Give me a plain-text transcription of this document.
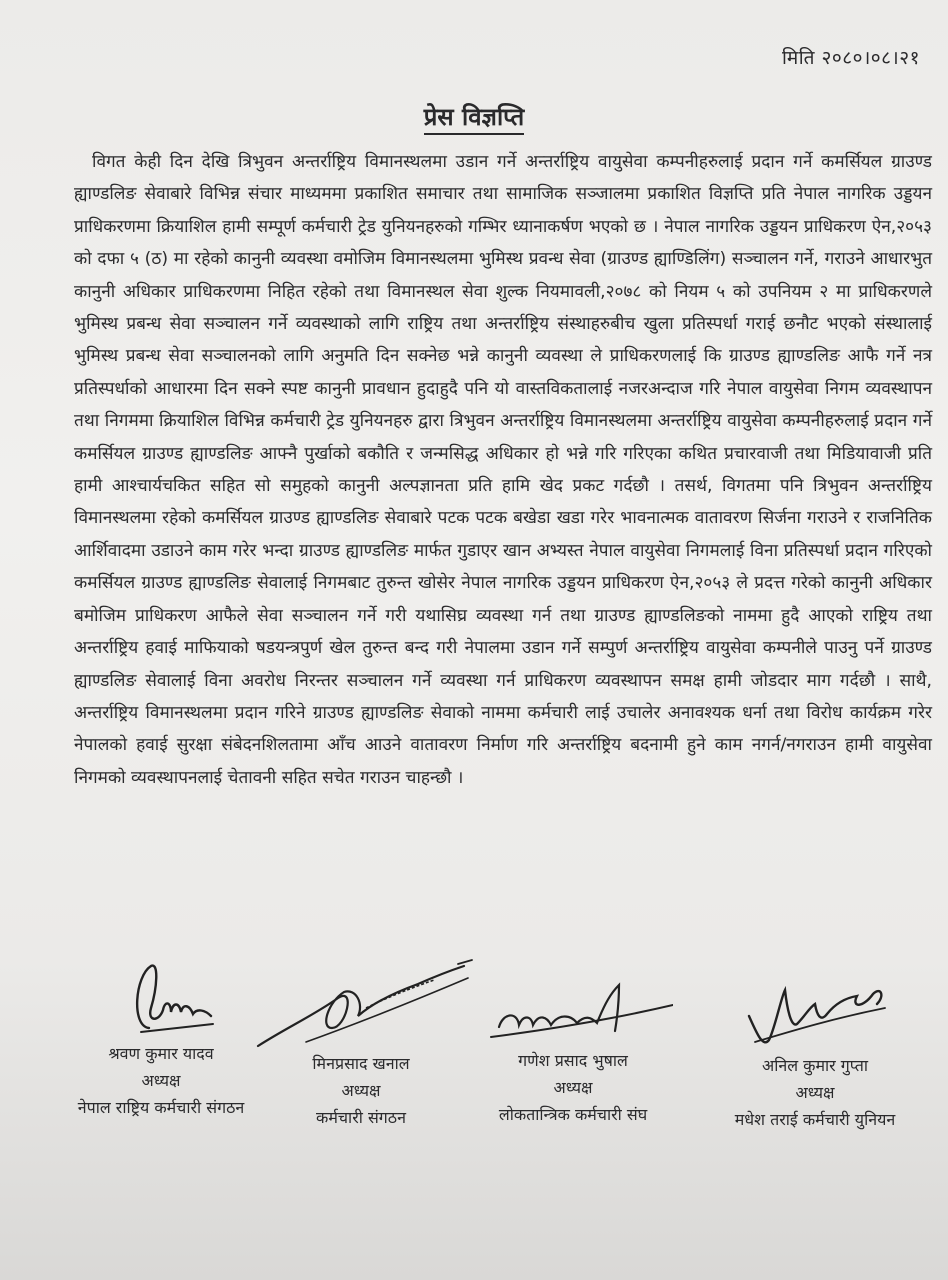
मिति २०८०।०८।२१
प्रेस विज्ञप्ति

विगत केही दिन देखि त्रिभुवन अन्तर्राष्ट्रिय विमानस्थलमा उडान गर्ने अन्तर्राष्ट्रिय वायुसेवा कम्पनीहरुलाई प्रदान गर्ने कमर्सियल ग्राउण्ड ह्याण्डलिङ सेवाबारे विभिन्न संचार माध्यममा प्रकाशित समाचार तथा सामाजिक सञ्जालमा प्रकाशित विज्ञप्ति प्रति नेपाल नागरिक उड्डयन प्राधिकरणमा क्रियाशिल हामी सम्पूर्ण कर्मचारी ट्रेड युनियनहरुको गम्भिर ध्यानाकर्षण भएको छ । नेपाल नागरिक उड्डयन प्राधिकरण ऐन,२०५३ को दफा ५ (ठ) मा रहेको कानुनी व्यवस्था वमोजिम विमानस्थलमा भुमिस्थ प्रवन्ध सेवा (ग्राउण्ड ह्याण्डिलिंग) सञ्चालन गर्ने, गराउने आधारभुत कानुनी अधिकार प्राधिकरणमा निहित रहेको तथा विमानस्थल सेवा शुल्क नियमावली,२०७८ को नियम ५ को उपनियम २ मा प्राधिकरणले भुमिस्थ प्रबन्ध सेवा सञ्चालन गर्ने व्यवस्थाको लागि राष्ट्रिय तथा अन्तर्राष्ट्रिय संस्थाहरुबीच खुला प्रतिस्पर्धा गराई छनौट भएको संस्थालाई भुमिस्थ प्रबन्ध सेवा सञ्चालनको लागि अनुमति दिन सक्नेछ भन्ने कानुनी व्यवस्था ले प्राधिकरणलाई कि ग्राउण्ड ह्याण्डलिङ आफै गर्ने नत्र प्रतिस्पर्धाको आधारमा दिन सक्ने स्पष्ट कानुनी प्रावधान हुदाहुदै पनि यो वास्तविकतालाई नजरअन्दाज गरि नेपाल वायुसेवा निगम व्यवस्थापन तथा निगममा क्रियाशिल विभिन्न कर्मचारी ट्रेड युनियनहरु द्वारा त्रिभुवन अन्तर्राष्ट्रिय विमानस्थलमा अन्तर्राष्ट्रिय वायुसेवा कम्पनीहरुलाई प्रदान गर्ने कमर्सियल ग्राउण्ड ह्याण्डलिङ आफ्नै पुर्खाको बकौति र जन्मसिद्ध अधिकार हो भन्ने गरि गरिएका कथित प्रचारवाजी तथा मिडियावाजी प्रति हामी आश्चार्यचकित सहित सो समुहको कानुनी अल्पज्ञानता प्रति हामि खेद प्रकट गर्दछौ । तसर्थ, विगतमा पनि त्रिभुवन अन्तर्राष्ट्रिय विमानस्थलमा रहेको कमर्सियल ग्राउण्ड ह्याण्डलिङ सेवाबारे पटक पटक बखेडा खडा गरेर भावनात्मक वातावरण सिर्जना गराउने र राजनितिक आर्शिवादमा उडाउने काम गरेर भन्दा ग्राउण्ड ह्याण्डलिङ मार्फत गुडाएर खान अभ्यस्त नेपाल वायुसेवा निगमलाई विना प्रतिस्पर्धा प्रदान गरिएको कमर्सियल ग्राउण्ड ह्याण्डलिङ सेवालाई निगमबाट तुरुन्त खोसेर नेपाल नागरिक उड्डयन प्राधिकरण ऐन,२०५३ ले प्रदत्त गरेको कानुनी अधिकार बमोजिम प्राधिकरण आफैले सेवा सञ्चालन गर्ने गरी यथासिघ्र व्यवस्था गर्न तथा ग्राउण्ड ह्याण्डलिङको नाममा हुदै आएको राष्ट्रिय तथा अन्तर्राष्ट्रिय हवाई माफियाको षडयन्त्रपुर्ण खेल तुरुन्त बन्द गरी नेपालमा उडान गर्ने सम्पुर्ण अन्तर्राष्ट्रिय वायुसेवा कम्पनीले पाउनु पर्ने ग्राउण्ड ह्याण्डलिङ सेवालाई विना अवरोध निरन्तर सञ्चालन गर्ने व्यवस्था गर्न प्राधिकरण व्यवस्थापन समक्ष हामी जोडदार माग गर्दछौ । साथै, अन्तर्राष्ट्रिय विमानस्थलमा प्रदान गरिने ग्राउण्ड ह्याण्डलिङ सेवाको नाममा कर्मचारी लाई उचालेर अनावश्यक धर्ना तथा विरोध कार्यक्रम गरेर नेपालको हवाई सुरक्षा संबेदनशिलतामा आँच आउने वातावरण निर्माण गरि अन्तर्राष्ट्रिय बदनामी हुने काम नगर्न/नगराउन हामी वायुसेवा निगमको व्यवस्थापनलाई चेतावनी सहित सचेत गराउन चाहन्छौ ।

श्रवण कुमार यादव
अध्यक्ष
नेपाल राष्ट्रिय कर्मचारी संगठन
मिनप्रसाद खनाल
अध्यक्ष
कर्मचारी संगठन
गणेश प्रसाद भुषाल
अध्यक्ष
लोकतान्त्रिक कर्मचारी संघ
अनिल कुमार गुप्ता
अध्यक्ष
मधेश तराई कर्मचारी युनियन
